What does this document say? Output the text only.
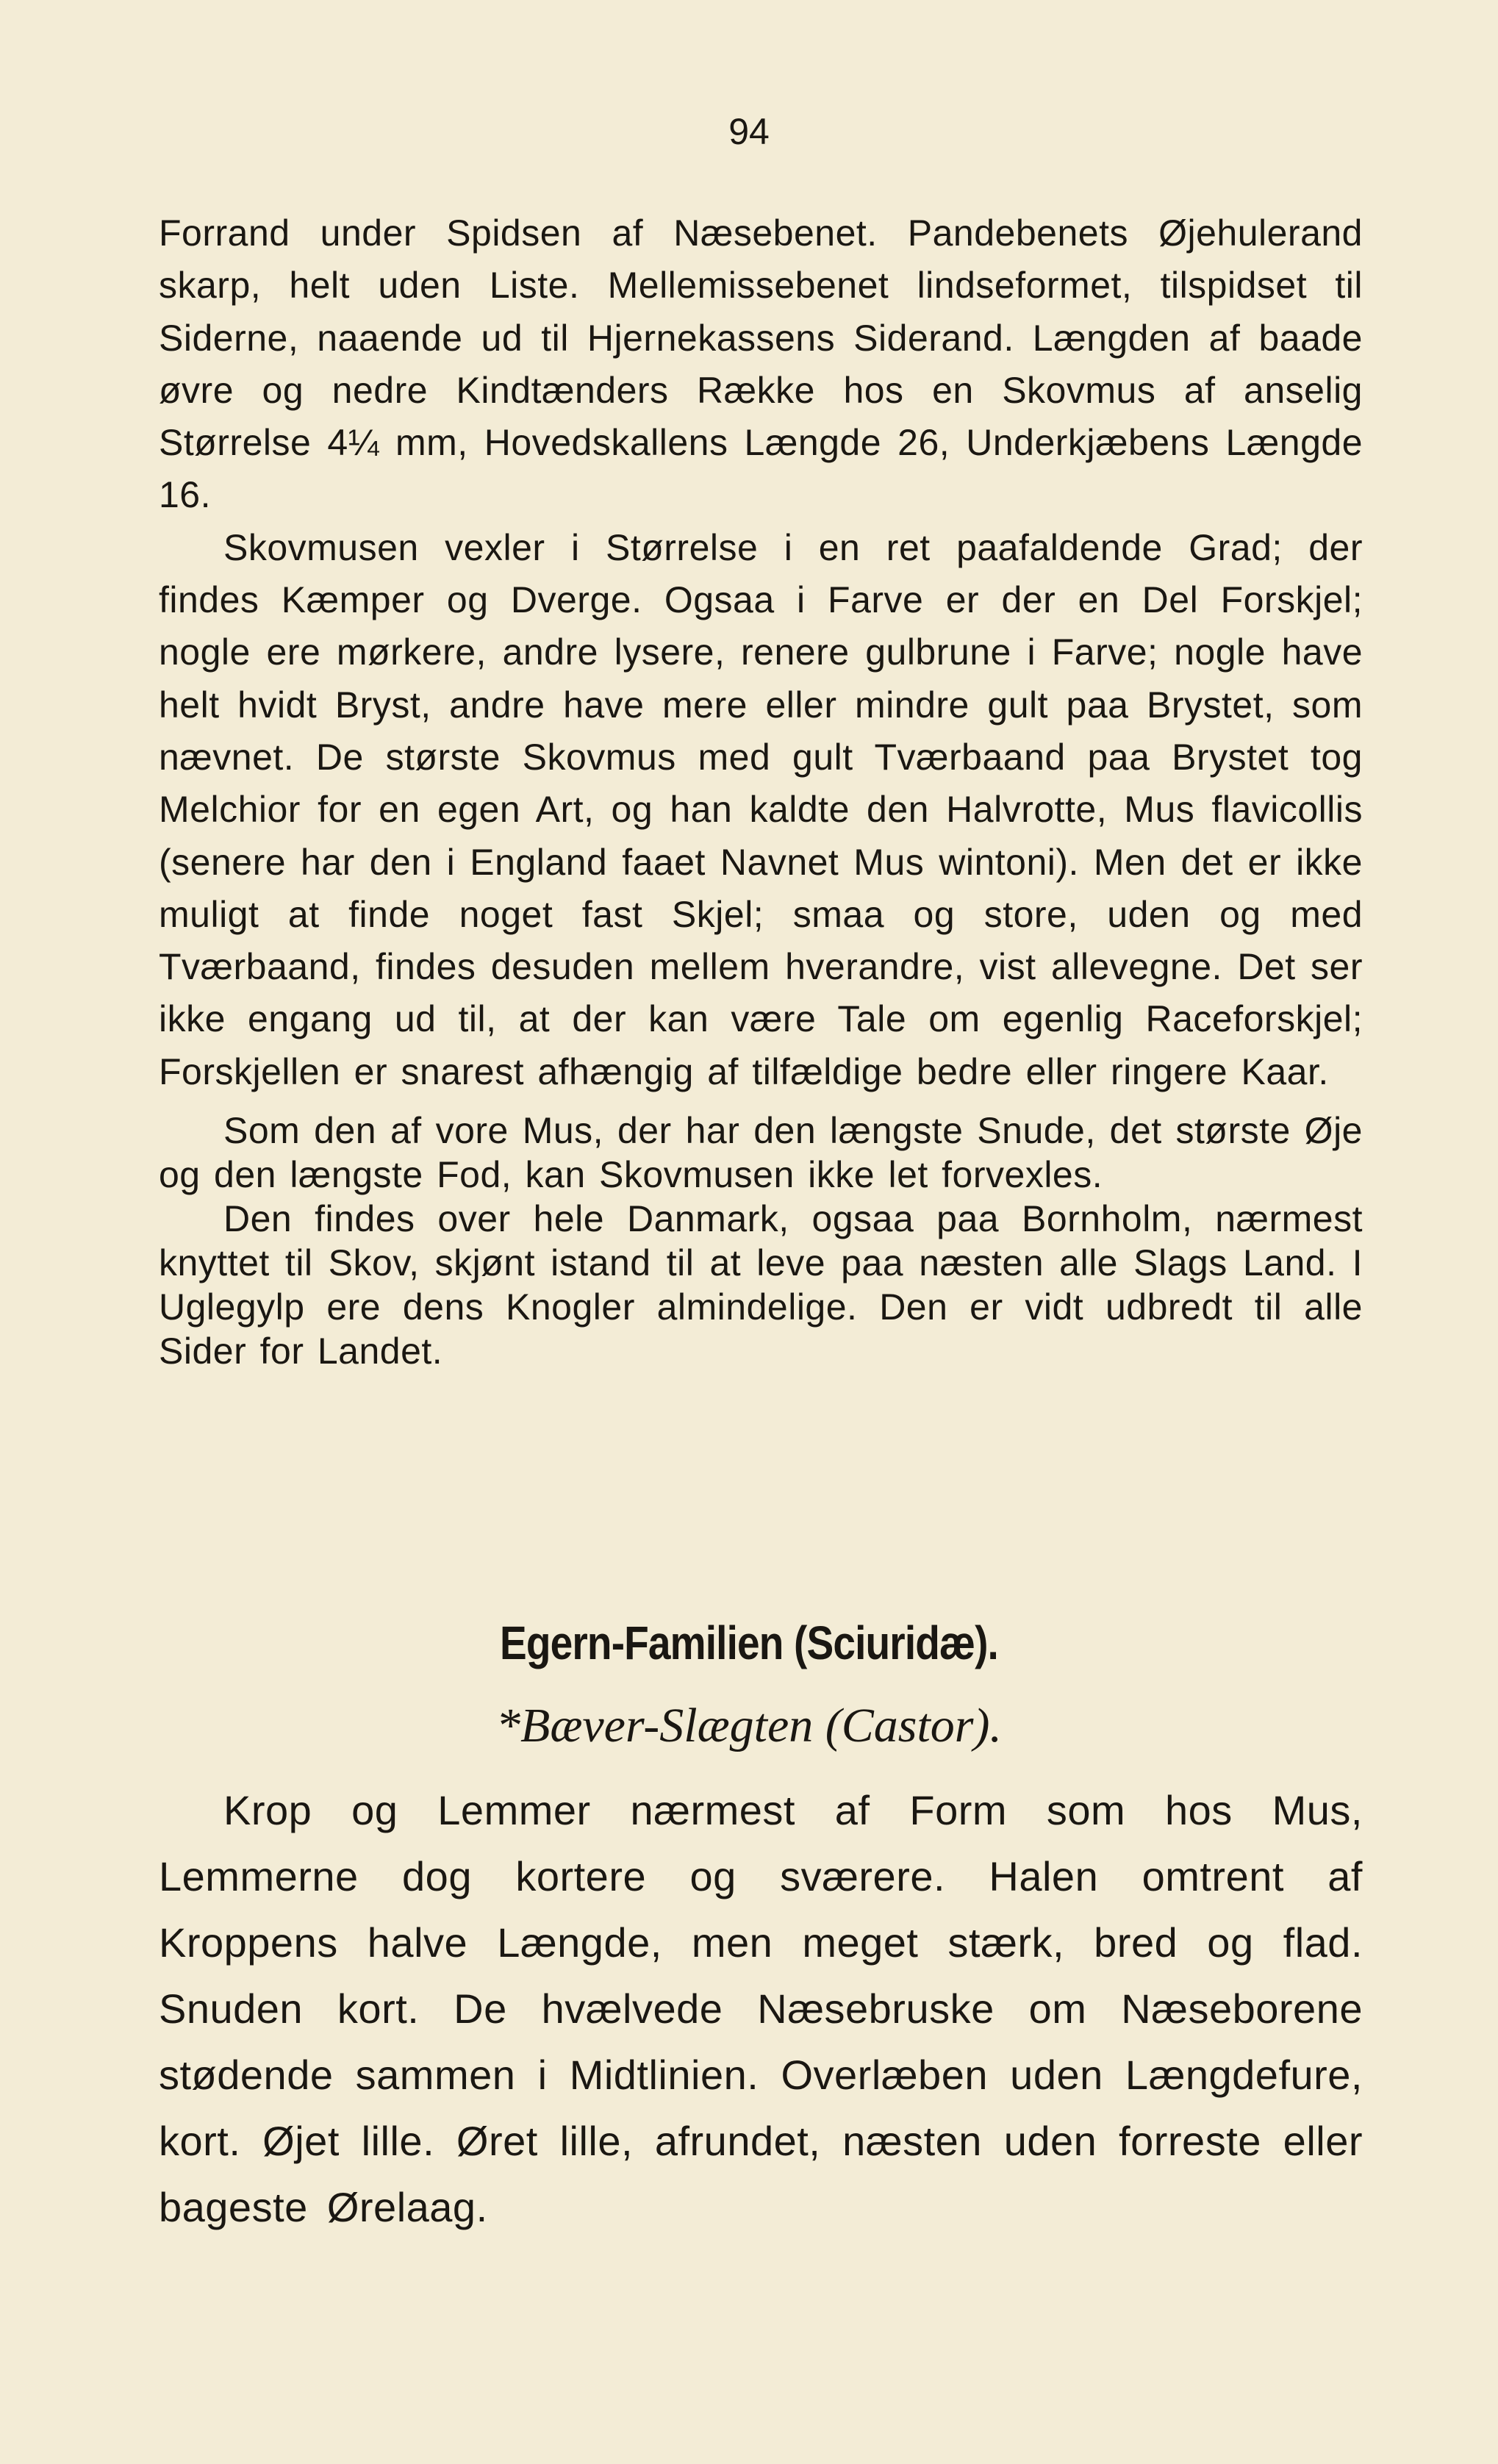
94

Forrand under Spidsen af Næsebenet. Pandebenets Øjehulerand skarp, helt uden Liste. Mellemissebenet lindseformet, tilspidset til Siderne, naaende ud til Hjernekassens Siderand. Længden af baade øvre og nedre Kindtænders Række hos en Skovmus af anselig Størrelse 4¼ mm, Hovedskallens Længde 26, Underkjæbens Længde 16.

Skovmusen vexler i Størrelse i en ret paafaldende Grad; der findes Kæmper og Dverge. Ogsaa i Farve er der en Del Forskjel; nogle ere mørkere, andre lysere, renere gulbrune i Farve; nogle have helt hvidt Bryst, andre have mere eller mindre gult paa Brystet, som nævnet. De største Skovmus med gult Tværbaand paa Brystet tog Melchior for en egen Art, og han kaldte den Halvrotte, Mus flavicollis (senere har den i England faaet Navnet Mus wintoni). Men det er ikke muligt at finde noget fast Skjel; smaa og store, uden og med Tværbaand, findes desuden mellem hverandre, vist allevegne. Det ser ikke engang ud til, at der kan være Tale om egenlig Raceforskjel; Forskjellen er snarest afhængig af tilfældige bedre eller ringere Kaar.

Som den af vore Mus, der har den længste Snude, det største Øje og den længste Fod, kan Skovmusen ikke let forvexles.

Den findes over hele Danmark, ogsaa paa Bornholm, nærmest knyttet til Skov, skjønt istand til at leve paa næsten alle Slags Land. I Uglegylp ere dens Knogler almindelige. Den er vidt udbredt til alle Sider for Landet.

Egern-Familien (Sciuridæ).
*Bæver-Slægten (Castor).

Krop og Lemmer nærmest af Form som hos Mus, Lemmerne dog kortere og sværere. Halen omtrent af Kroppens halve Længde, men meget stærk, bred og flad. Snuden kort. De hvælvede Næsebruske om Næseborene stødende sammen i Midtlinien. Overlæben uden Længdefure, kort. Øjet lille. Øret lille, afrundet, næsten uden forreste eller bageste Ørelaag.
